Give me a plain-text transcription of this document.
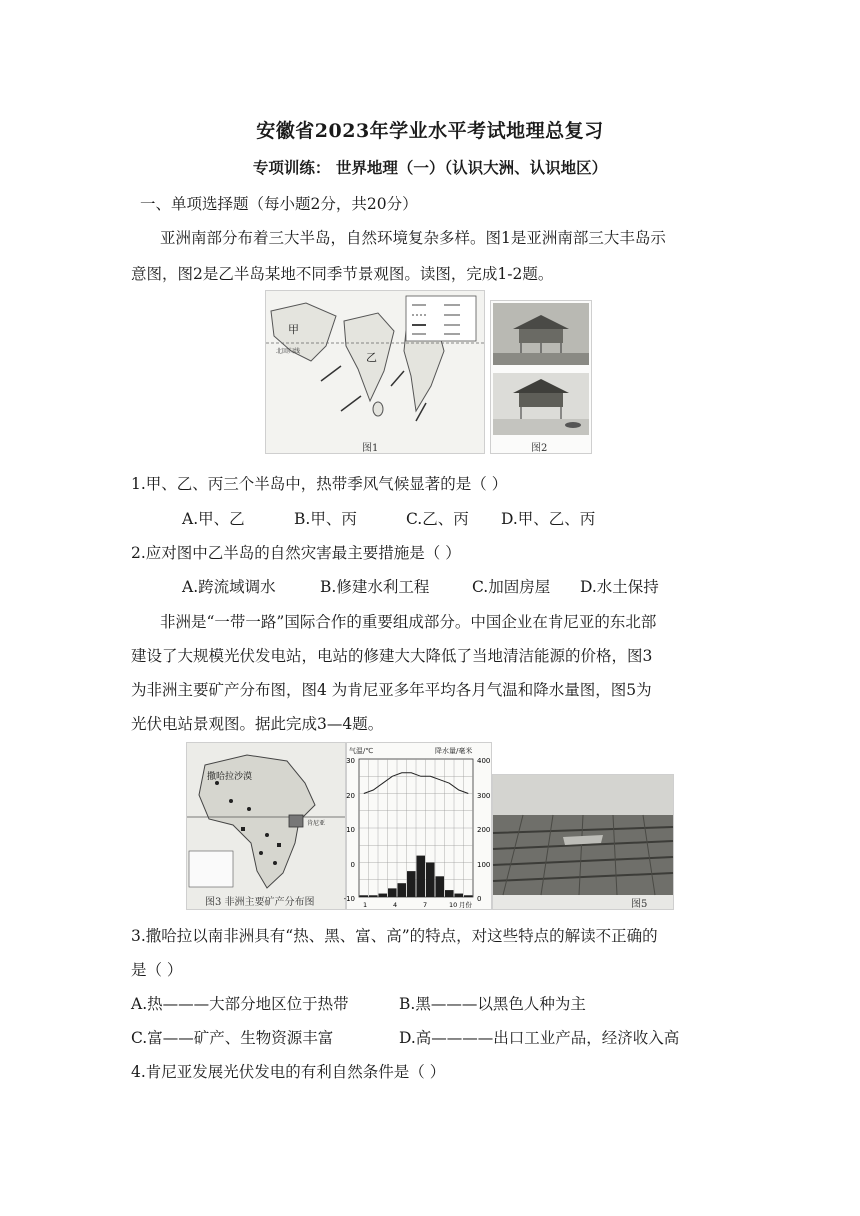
安徽省2023年学业水平考试地理总复习
专项训练： 世界地理（一）（认识大洲、认识地区）
一、单项选择题（每小题2分，共20分）
亚洲南部分布着三大半岛，自然环境复杂多样。图1是亚洲南部三大丰岛示
意图，图2是乙半岛某地不同季节景观图。读图，完成1-2题。
甲
乙
北回归线
图1	图2
1.甲、乙、丙三个半岛中，热带季风气候显著的是（ ）
A.甲、乙	B.甲、丙	C.乙、丙 D.甲、乙、丙
2.应对图中乙半岛的自然灾害最主要措施是（ ）
A.跨流域调水	B.修建水利工程	C.加固房屋 D.水土保持
非洲是“一带一路”国际合作的重要组成部分。中国企业在肯尼亚的东北部
建设了大规模光伏发电站，电站的修建大大降低了当地清洁能源的价格，图3
为非洲主要矿产分布图，图4 为肯尼亚多年平均各月气温和降水量图，图5为
光伏电站景观图。据此完成3—4题。
撒哈拉沙漠
肯尼亚
图3 非洲主要矿产分布图
气温/℃	降水量/毫米
30
20
10
0
-10
400
300
200
100
0
1	4	7	10 月份	图5
3.撒哈拉以南非洲具有“热、黑、富、高”的特点，对这些特点的解读不正确的
是（ ）
A.热———大部分地区位于热带	B.黑———以黑色人种为主
C.富——矿产、生物资源丰富	D.高————出口工业产品，经济收入高
4.肯尼亚发展光伏发电的有利自然条件是（ ）
